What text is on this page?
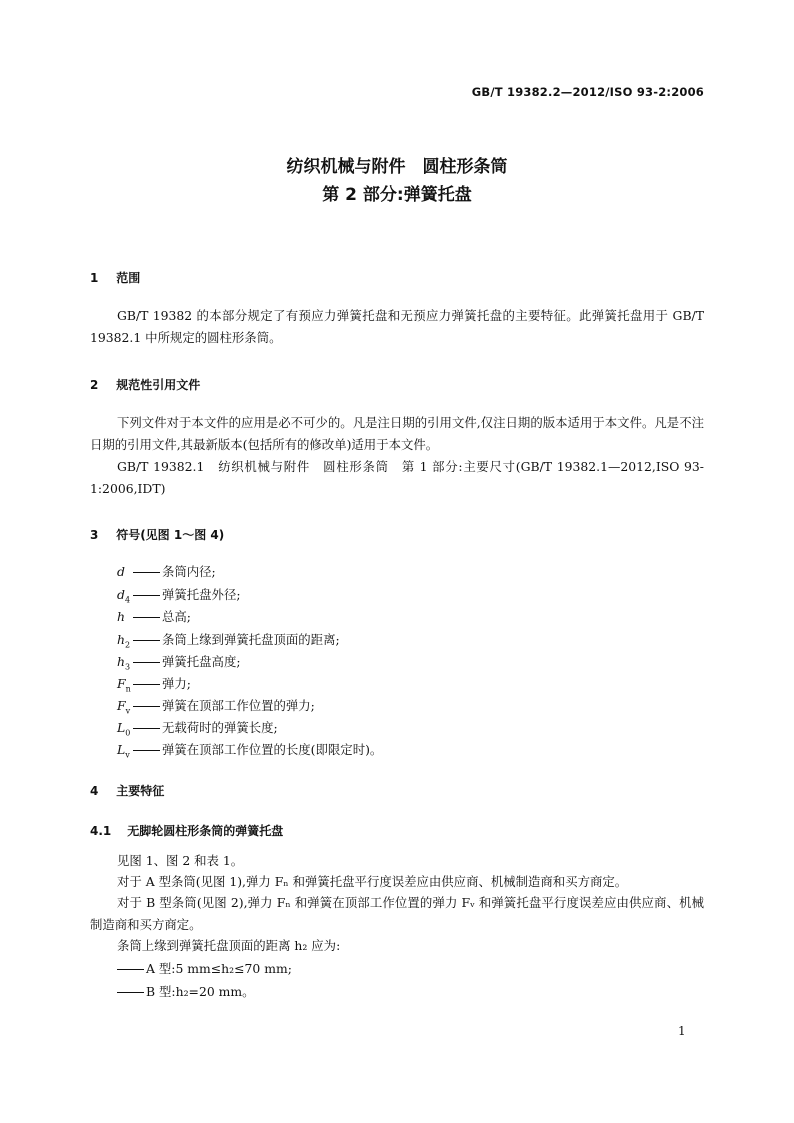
GB/T 19382.2—2012/ISO 93-2:2006
纺织机械与附件　圆柱形条筒
第 2 部分:弹簧托盘
1 范围
GB/T 19382 的本部分规定了有预应力弹簧托盘和无预应力弹簧托盘的主要特征。此弹簧托盘用于 GB/T 19382.1 中所规定的圆柱形条筒。
2 规范性引用文件
下列文件对于本文件的应用是必不可少的。凡是注日期的引用文件,仅注日期的版本适用于本文件。凡是不注日期的引用文件,其最新版本(包括所有的修改单)适用于本文件。
GB/T 19382.1　纺织机械与附件　圆柱形条筒　第 1 部分:主要尺寸(GB/T 19382.1—2012,ISO 93-1:2006,IDT)
3 符号(见图 1～图 4)
d	条筒内径;
$d_4$	弹簧托盘外径;
h	总高;
$h_2$	条筒上缘到弹簧托盘顶面的距离;
$h_3$	弹簧托盘高度;
$F_n$	弹力;
$F_v$	弹簧在顶部工作位置的弹力;
$L_0$	无载荷时的弹簧长度;
$L_v$	弹簧在顶部工作位置的长度(即限定时)。
4 主要特征
4.1 无脚轮圆柱形条筒的弹簧托盘
见图 1、图 2 和表 1。
对于 A 型条筒(见图 1),弹力 Fₙ 和弹簧托盘平行度误差应由供应商、机械制造商和买方商定。
对于 B 型条筒(见图 2),弹力 Fₙ 和弹簧在顶部工作位置的弹力 Fᵥ 和弹簧托盘平行度误差应由供应商、机械制造商和买方商定。
条筒上缘到弹簧托盘顶面的距离 h₂ 应为:
A 型:5 mm≤h₂≤70 mm;
B 型:h₂=20 mm。
1
